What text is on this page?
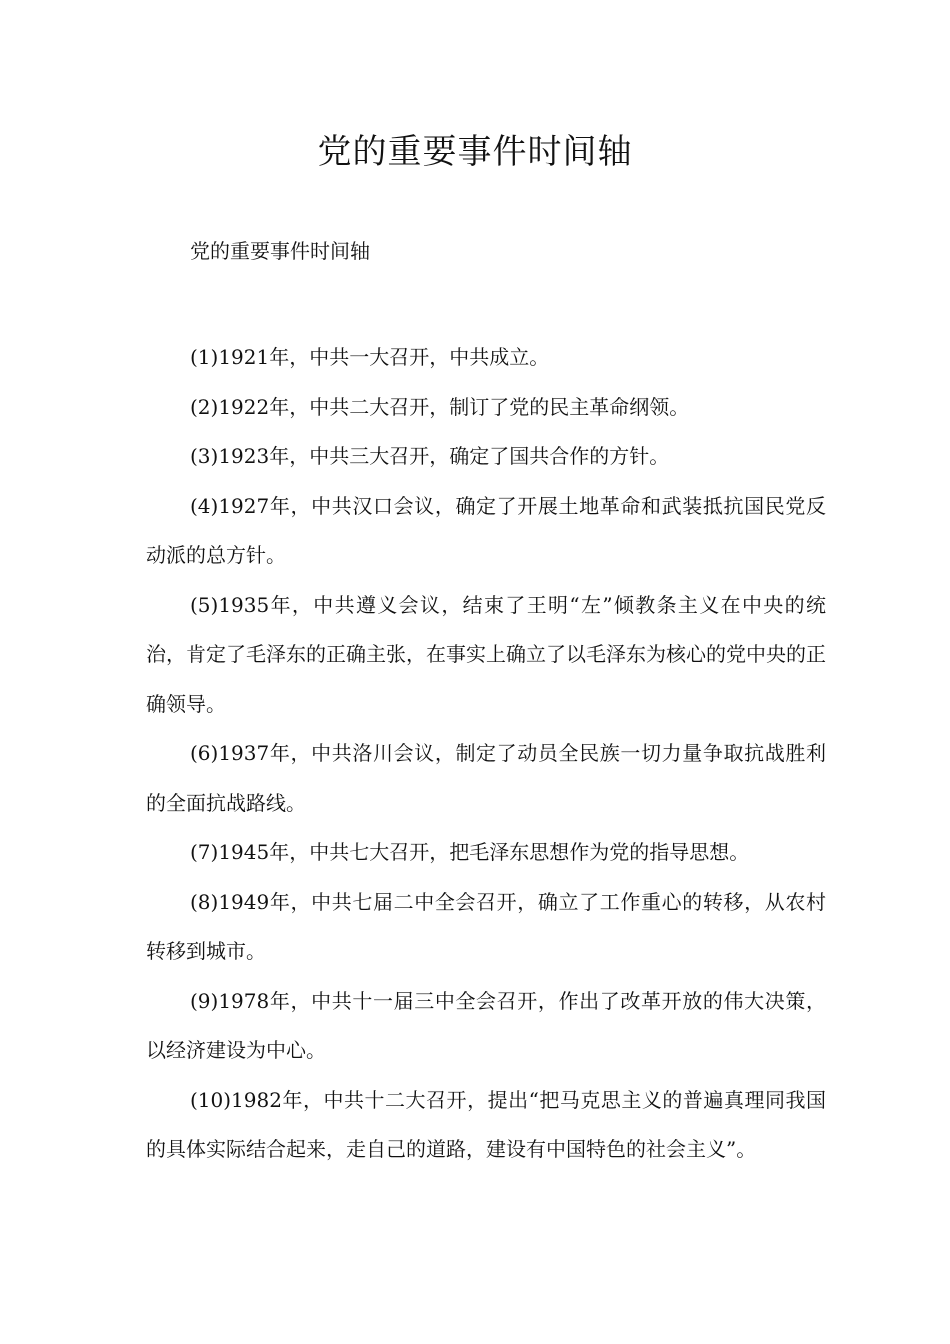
党的重要事件时间轴

党的重要事件时间轴

(1)1921年，中共一大召开，中共成立。

(2)1922年，中共二大召开，制订了党的民主革命纲领。

(3)1923年，中共三大召开，确定了国共合作的方针。

(4)1927年，中共汉口会议，确定了开展土地革命和武装抵抗国民党反动派的总方针。

(5)1935年，中共遵义会议，结束了王明“左”倾教条主义在中央的统治，肯定了毛泽东的正确主张，在事实上确立了以毛泽东为核心的党中央的正确领导。

(6)1937年，中共洛川会议，制定了动员全民族一切力量争取抗战胜利的全面抗战路线。

(7)1945年，中共七大召开，把毛泽东思想作为党的指导思想。

(8)1949年，中共七届二中全会召开，确立了工作重心的转移，从农村转移到城市。

(9)1978年，中共十一届三中全会召开，作出了改革开放的伟大决策，以经济建设为中心。

(10)1982年，中共十二大召开，提出“把马克思主义的普遍真理同我国的具体实际结合起来，走自己的道路，建设有中国特色的社会主义”。
